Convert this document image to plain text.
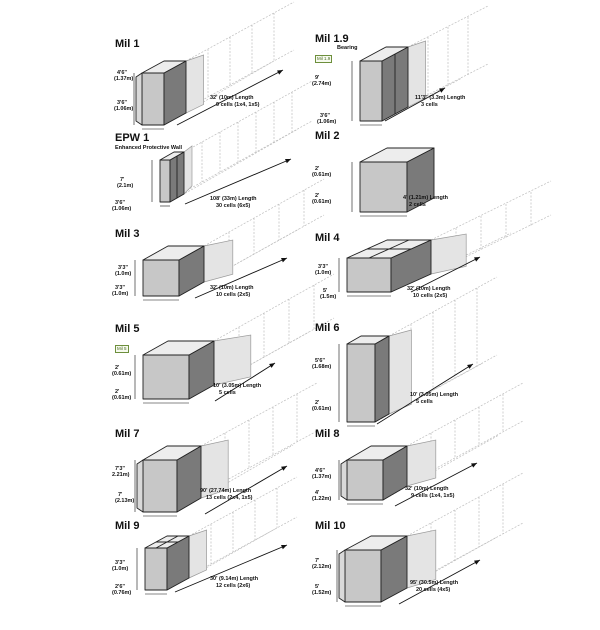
Mil 1
4'6"
(1.37m)
3'6"
(1.06m)
32' (10m) Length
9 cells (1x4, 1x5)
Mil 1.9
Mil 1.9
Bearing
9'
(2.74m)
3'6"
(1.06m)
11'3" (3.3m) Length
3 cells
EPW 1
Enhanced Protective Wall
7'
(2.1m)
3'6"
(1.06m)
108' (33m) Length
30 cells (6x5)
Mil 2
2'
(0.61m)
2'
(0.61m)
4' (1.21m) Length
2 cells
Mil 3
3'3"
(1.0m)
3'3"
(1.0m)
32' (10m) Length
10 cells (2x5)
Mil 4
3'3"
(1.0m)
5'
(1.5m)
32' (10m) Length
10 cells (2x5)
Mil 5
Mil 5
2'
(0.61m)
2'
(0.61m)
10' (3.05m) Length
5 cells
Mil 6
5'6"
(1.68m)
2'
(0.61m)
10' (3.05m) Length
5 cells
Mil 7
7'3"
2.21m)
7'
(2.13m)
90' (27.74m) Length
13 cells (2x4, 1x5)
Mil 8
4'6"
(1.37m)
4'
(1.22m)
32' (10m) Length
9 cells (1x4, 1x5)
Mil 9
3'3"
(1.0m)
2'6"
(0.76m)
30' (9.14m) Length
12 cells (2x6)
Mil 10
7'
(2.12m)
5'
(1.52m)
95' (30.5m) Length
20 cells (4x5)
